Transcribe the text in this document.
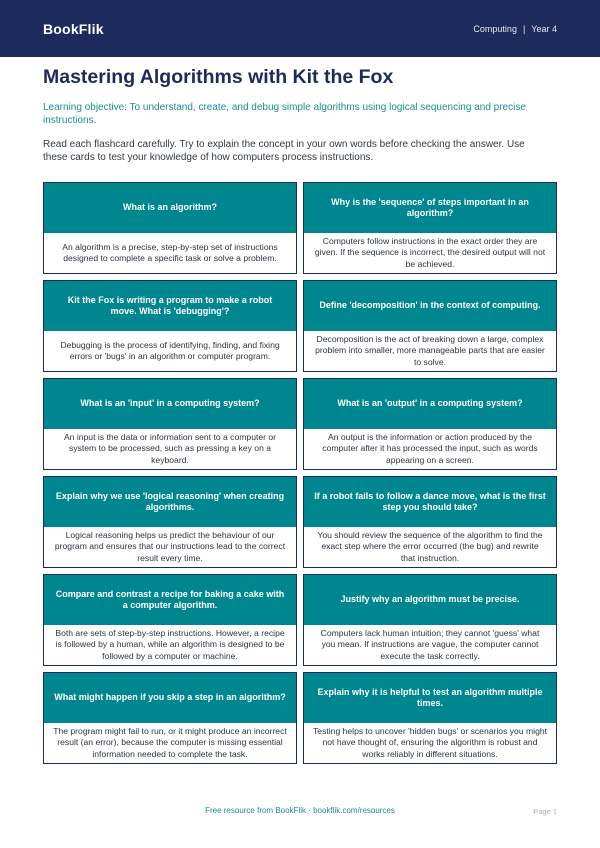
BookFlik	Computing | Year 4
Mastering Algorithms with Kit the Fox

Learning objective: To understand, create, and debug simple algorithms using logical sequencing and precise instructions.

Read each flashcard carefully. Try to explain the concept in your own words before checking the answer. Use these cards to test your knowledge of how computers process instructions.

What is an algorithm?
An algorithm is a precise, step-by-step set of instructions designed to complete a specific task or solve a problem.
Why is the 'sequence' of steps important in an algorithm?
Computers follow instructions in the exact order they are given. If the sequence is incorrect, the desired output will not be achieved.
Kit the Fox is writing a program to make a robot move. What is 'debugging'?
Debugging is the process of identifying, finding, and fixing errors or 'bugs' in an algorithm or computer program.
Define 'decomposition' in the context of computing.
Decomposition is the act of breaking down a large, complex problem into smaller, more manageable parts that are easier to solve.
What is an 'input' in a computing system?
An input is the data or information sent to a computer or system to be processed, such as pressing a key on a keyboard.
What is an 'output' in a computing system?
An output is the information or action produced by the computer after it has processed the input, such as words appearing on a screen.
Explain why we use 'logical reasoning' when creating algorithms.
Logical reasoning helps us predict the behaviour of our program and ensures that our instructions lead to the correct result every time.
If a robot fails to follow a dance move, what is the first step you should take?
You should review the sequence of the algorithm to find the exact step where the error occurred (the bug) and rewrite that instruction.
Compare and contrast a recipe for baking a cake with a computer algorithm.
Both are sets of step-by-step instructions. However, a recipe is followed by a human, while an algorithm is designed to be followed by a computer or machine.
Justify why an algorithm must be precise.
Computers lack human intuition; they cannot 'guess' what you mean. If instructions are vague, the computer cannot execute the task correctly.
What might happen if you skip a step in an algorithm?
The program might fail to run, or it might produce an incorrect result (an error), because the computer is missing essential information needed to complete the task.
Explain why it is helpful to test an algorithm multiple times.
Testing helps to uncover 'hidden bugs' or scenarios you might not have thought of, ensuring the algorithm is robust and works reliably in different situations.
Free resource from BookFlik · bookflik.com/resources	Page 1
